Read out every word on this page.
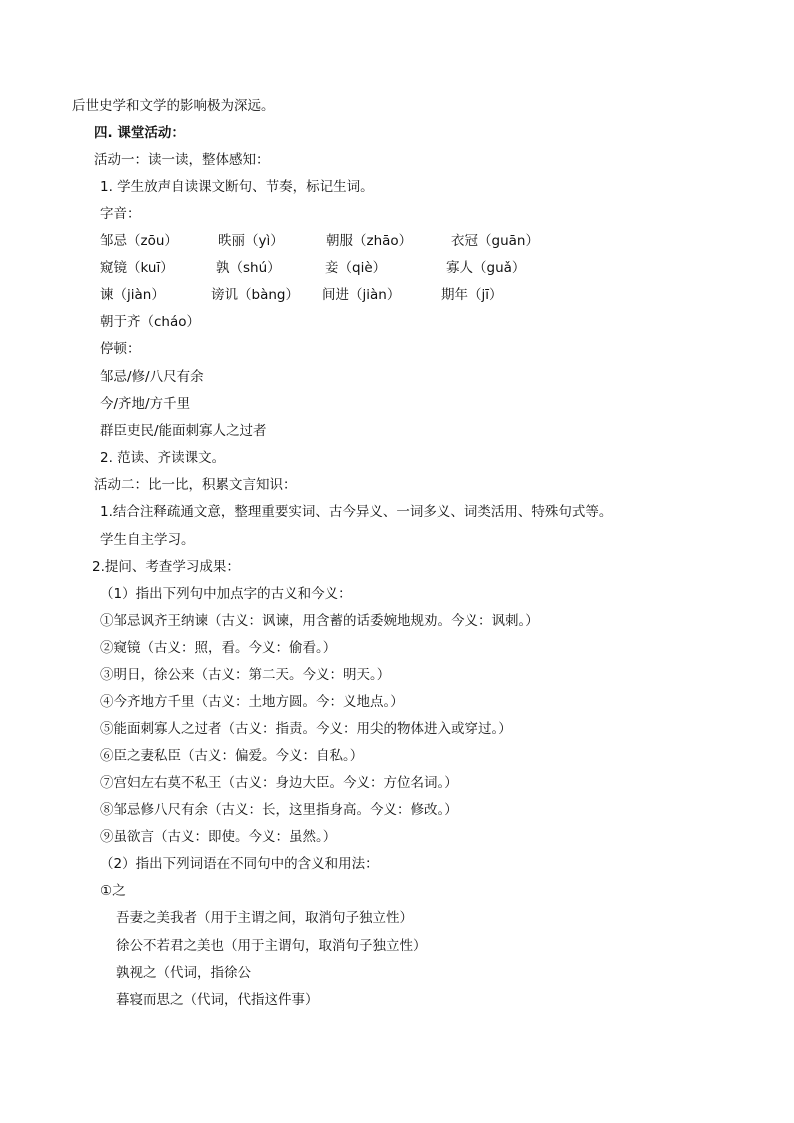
后世史学和文学的影响极为深远。
四. 课堂活动：
活动一：读一读，整体感知：
1. 学生放声自读课文断句、节奏，标记生词。
字音：
邹忌（zōu）	昳丽（yì）	朝服（zhāo）	衣冠（guān）
窥镜（kuī）	孰（shú）	妾（qiè）	寡人（guǎ）
谏（jiàn）	谤讥（bàng） 间进（jiàn）	期年（jī）
朝于齐（cháo）
停顿：
邹忌/修/八尺有余
今/齐地/方千里
群臣吏民/能面刺寡人之过者
2. 范读、齐读课文。
活动二：比一比，积累文言知识：
1.结合注释疏通文意，整理重要实词、古今异义、一词多义、词类活用、特殊句式等。
学生自主学习。
2.提问、考查学习成果：
（1）指出下列句中加点字的古义和今义：
①邹忌讽齐王纳谏（古义：讽谏，用含蓄的话委婉地规劝。今义：讽刺。）
②窥镜（古义：照，看。今义：偷看。）
③明日，徐公来（古义：第二天。今义：明天。）
④今齐地方千里（古义：土地方圆。今：义地点。）
⑤能面刺寡人之过者（古义：指责。今义：用尖的物体进入或穿过。）
⑥臣之妻私臣（古义：偏爱。今义：自私。）
⑦宫妇左右莫不私王（古义：身边大臣。今义：方位名词。）
⑧邹忌修八尺有余（古义：长，这里指身高。今义：修改。）
⑨虽欲言（古义：即使。今义：虽然。）
（2）指出下列词语在不同句中的含义和用法：
①之
吾妻之美我者（用于主谓之间，取消句子独立性）
徐公不若君之美也（用于主谓句，取消句子独立性）
孰视之（代词，指徐公
暮寝而思之（代词，代指这件事）
